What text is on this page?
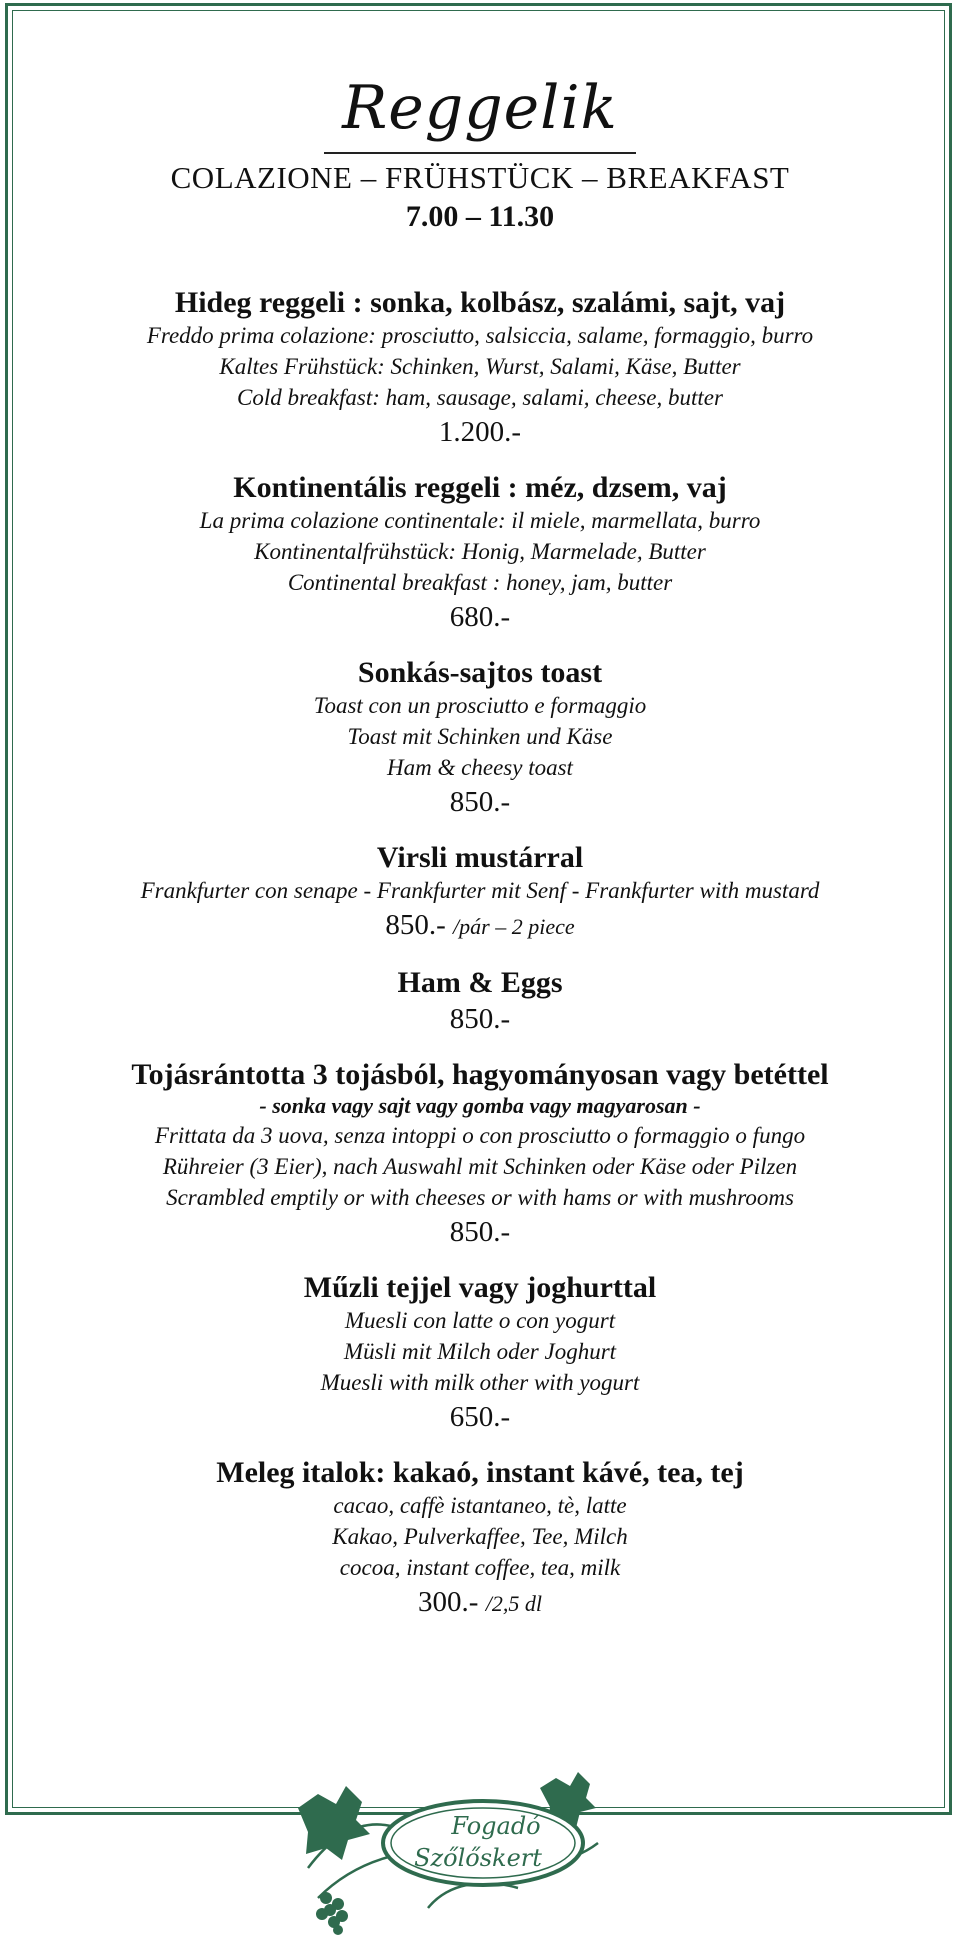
Reggelik
COLAZIONE – FRÜHSTÜCK – BREAKFAST
7.00 – 11.30
Hideg reggeli : sonka, kolbász, szalámi, sajt, vaj
Freddo prima colazione: prosciutto, salsiccia, salame, formaggio, burro
Kaltes Frühstück: Schinken, Wurst, Salami, Käse, Butter
Cold breakfast: ham, sausage, salami, cheese, butter
1.200.-
Kontinentális reggeli : méz, dzsem, vaj
La prima colazione continentale: il miele, marmellata, burro
Kontinentalfrühstück: Honig, Marmelade, Butter
Continental breakfast : honey, jam, butter
680.-
Sonkás-sajtos toast
Toast con un prosciutto e formaggio
Toast mit Schinken und Käse
Ham & cheesy toast
850.-
Virsli mustárral
Frankfurter con senape - Frankfurter mit Senf - Frankfurter with mustard
850.- /pár – 2 piece
Ham & Eggs
850.-
Tojásrántotta 3 tojásból, hagyományosan vagy betéttel
- sonka vagy sajt vagy gomba vagy magyarosan -
Frittata da 3 uova, senza intoppi o con prosciutto o formaggio o fungo
Rühreier (3 Eier), nach Auswahl mit Schinken oder Käse oder Pilzen
Scrambled emptily or with cheeses or with hams or with mushrooms
850.-
Műzli tejjel vagy joghurttal
Muesli con latte o con yogurt
Müsli mit Milch oder Joghurt
Muesli with milk other with yogurt
650.-
Meleg italok: kakaó, instant kávé, tea, tej
cacao, caffè istantaneo, tè, latte
Kakao, Pulverkaffee, Tee, Milch
cocoa, instant coffee, tea, milk
300.- /2,5 dl
Fogadó
Szőlőskert
